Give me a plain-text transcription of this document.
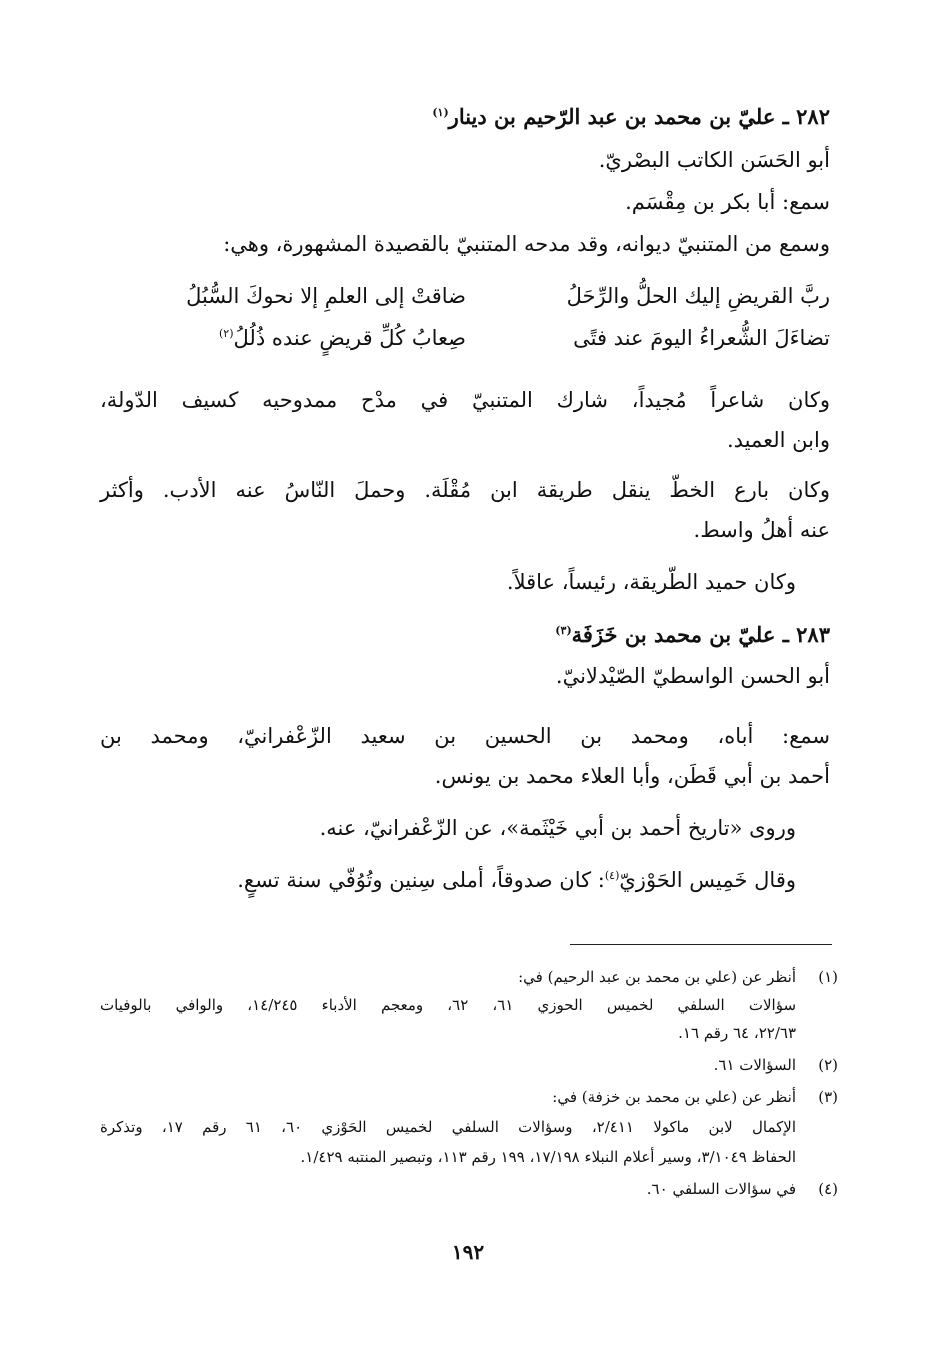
٢٨٢ ـ عليّ بن محمد بن عبد الرّحيم بن دينار$^{(١)}$
أبو الحَسَن الكاتب البصْريّ.
سمع: أبا بكر بن مِقْسَم.
وسمع من المتنبيّ ديوانه، وقد مدحه المتنبيّ بالقصيدة المشهورة، وهي:
ربَّ القريضِ إليك الحلُّ والرِّحَلُ
ضاقتْ إلى العلمِ إلا نحوكَ السُّبُلُ
تضاءَلَ الشُّعراءُ اليومَ عند فتًى
صِعابُ كُلِّ قريضٍ عنده ذُلُلُ$^{(٢)}$
وكان شاعراً مُجيداً، شارك المتنبيّ في مدْح ممدوحيه كسيف الدّولة،
وابن العميد.
وكان بارع الخطّ ينقل طريقة ابن مُقْلَة. وحملَ النّاسُ عنه الأدب. وأكثر
عنه أهلُ واسط.
وكان حميد الطّريقة، رئيساً، عاقلاً.
٢٨٣ ـ عليّ بن محمد بن خَزَفَة$^{(٣)}$
أبو الحسن الواسطيّ الصّيْدلانيّ.
سمع: أباه، ومحمد بن الحسين بن سعيد الزّعْفرانيّ، ومحمد بن
أحمد بن أبي قَطَن، وأبا العلاء محمد بن يونس.
وروى «تاريخ أحمد بن أبي خَيْثَمة»، عن الزّعْفرانيّ، عنه.
وقال خَمِيس الحَوْزيّ$^{(٤)}$: كان صدوقاً، أملى سِنين وتُوُفّي سنة تسعٍ.
(١)
أنظر عن (علي بن محمد بن عبد الرحيم) في:
سؤالات السلفي لخميس الحوزي ٦١، ٦٢، ومعجم الأدباء ١٤/٢٤٥، والوافي بالوفيات
٢٢/٦٣، ٦٤ رقم ١٦.
(٢)
السؤالات ٦١.
(٣)
أنظر عن (علي بن محمد بن خزفة) في:
الإكمال لابن ماكولا ٢/٤١١، وسؤالات السلفي لخميس الحَوْزي ٦٠، ٦١ رقم ١٧، وتذكرة
الحفاظ ٣/١٠٤٩، وسير أعلام النبلاء ١٧/١٩٨، ١٩٩ رقم ١١٣، وتبصير المنتبه ١/٤٢٩.
(٤)
في سؤالات السلفي ٦٠.
١٩٢
